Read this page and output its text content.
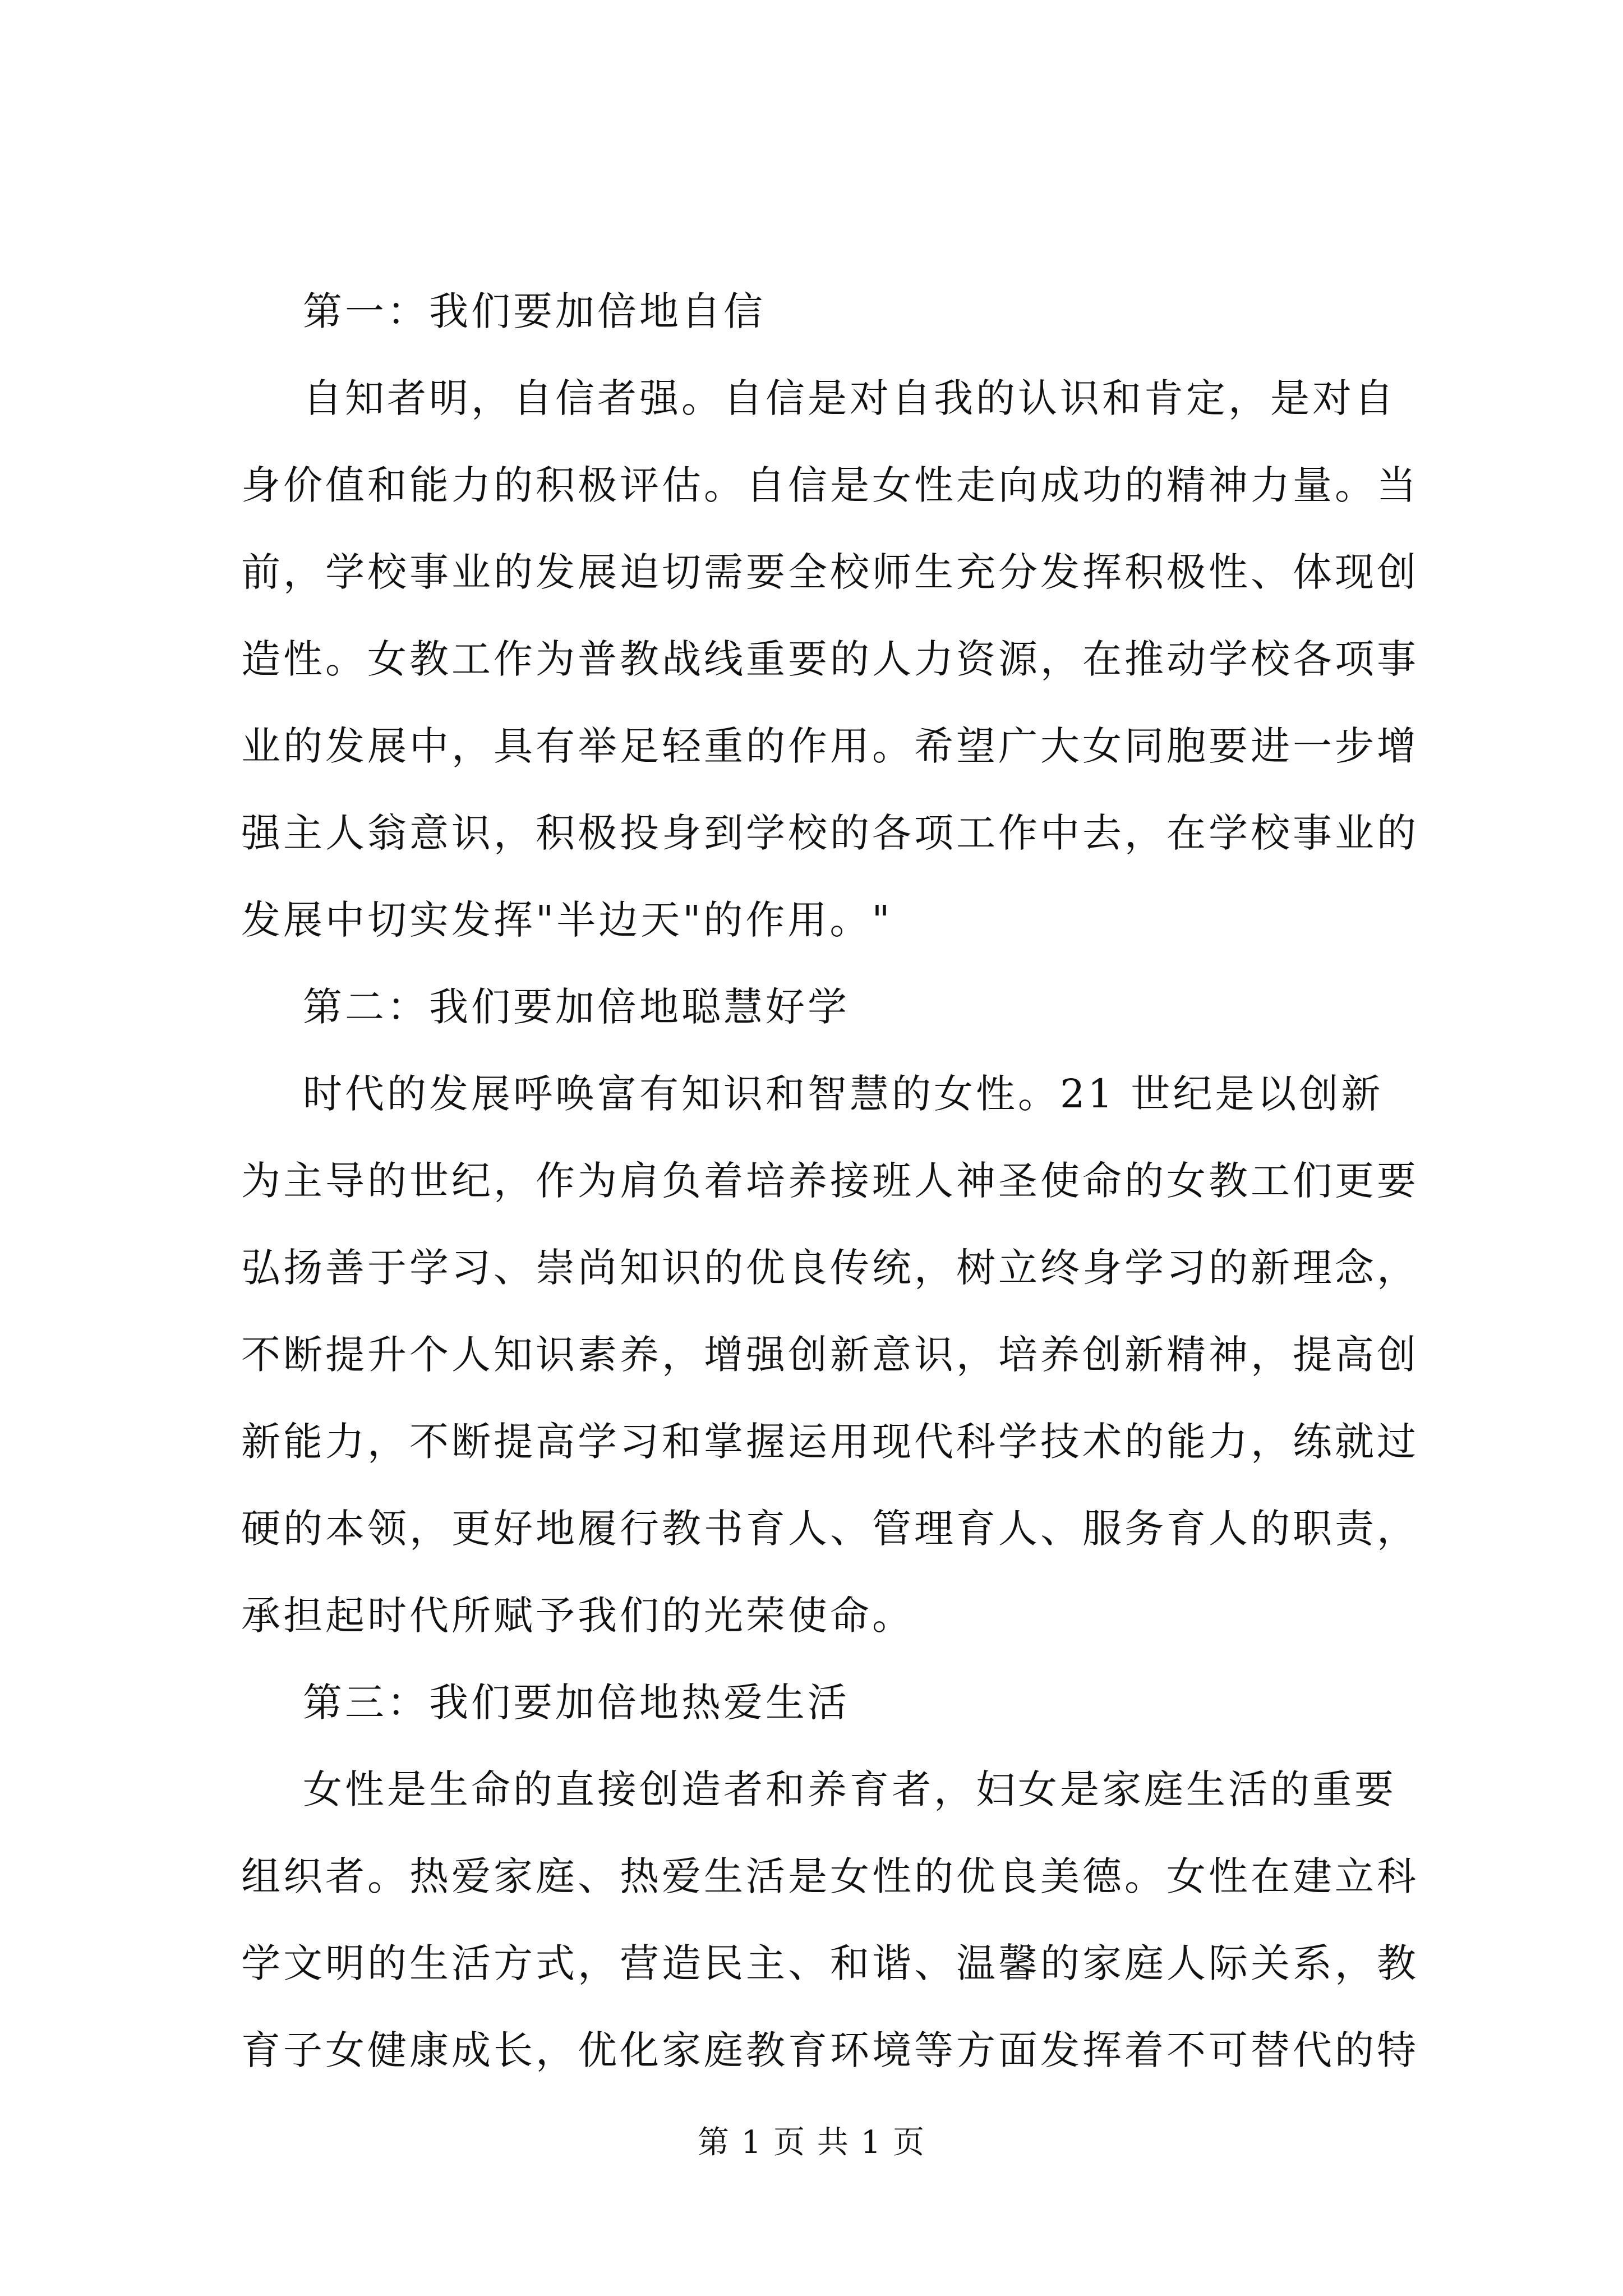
第一：我们要加倍地自信
自知者明，自信者强。自信是对自我的认识和肯定，是对自
身价值和能力的积极评估。自信是女性走向成功的精神力量。当
前，学校事业的发展迫切需要全校师生充分发挥积极性、体现创
造性。女教工作为普教战线重要的人力资源，在推动学校各项事
业的发展中，具有举足轻重的作用。希望广大女同胞要进一步增
强主人翁意识，积极投身到学校的各项工作中去，在学校事业的
发展中切实发挥"半边天"的作用。"
第二：我们要加倍地聪慧好学
时代的发展呼唤富有知识和智慧的女性。21 世纪是以创新
为主导的世纪，作为肩负着培养接班人神圣使命的女教工们更要
弘扬善于学习、崇尚知识的优良传统，树立终身学习的新理念，
不断提升个人知识素养，增强创新意识，培养创新精神，提高创
新能力，不断提高学习和掌握运用现代科学技术的能力，练就过
硬的本领，更好地履行教书育人、管理育人、服务育人的职责，
承担起时代所赋予我们的光荣使命。
第三：我们要加倍地热爱生活
女性是生命的直接创造者和养育者，妇女是家庭生活的重要
组织者。热爱家庭、热爱生活是女性的优良美德。女性在建立科
学文明的生活方式，营造民主、和谐、温馨的家庭人际关系，教
育子女健康成长，优化家庭教育环境等方面发挥着不可替代的特
第 1 页 共 1 页
